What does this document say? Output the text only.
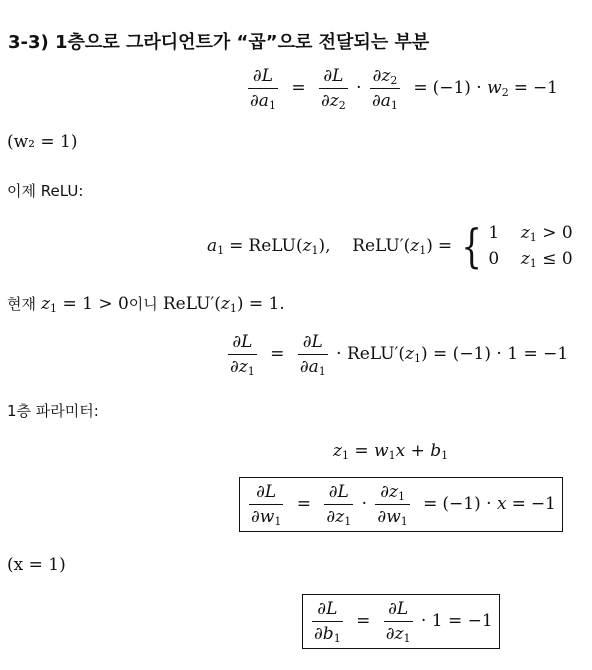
3-3) 1층으로 그라디언트가 “곱”으로 전달되는 부분
$\frac{\partial L}{\partial a_1} = \frac{\partial L}{\partial z_2} \cdot \frac{\partial z_2}{\partial a_1} = (-1) \cdot w_2 = -1$
(w₂ = 1)
이제 ReLU:
$a_1$ = $ReLU(z_1)$,    $ReLU'(z_1)$ = { 1    $z_1 > 0$
0    $z_1 \le 0$
현재 $z_1 = 1 > 0$이니 $ReLU'(z_1) = 1$.
$\frac{\partial L}{\partial z_1} = \frac{\partial L}{\partial a_1}$ · $ReLU'(z_1) = (-1) \cdot 1 = -1$
1층 파라미터:
$z_1 = w_1x + b_1$
$\frac{\partial L}{\partial w_1} = \frac{\partial L}{\partial z_1} \cdot \frac{\partial z_1}{\partial w_1} = (-1) \cdot x = -1$
(x = 1)
$\frac{\partial L}{\partial b_1} = \frac{\partial L}{\partial z_1} \cdot 1 = -1$
